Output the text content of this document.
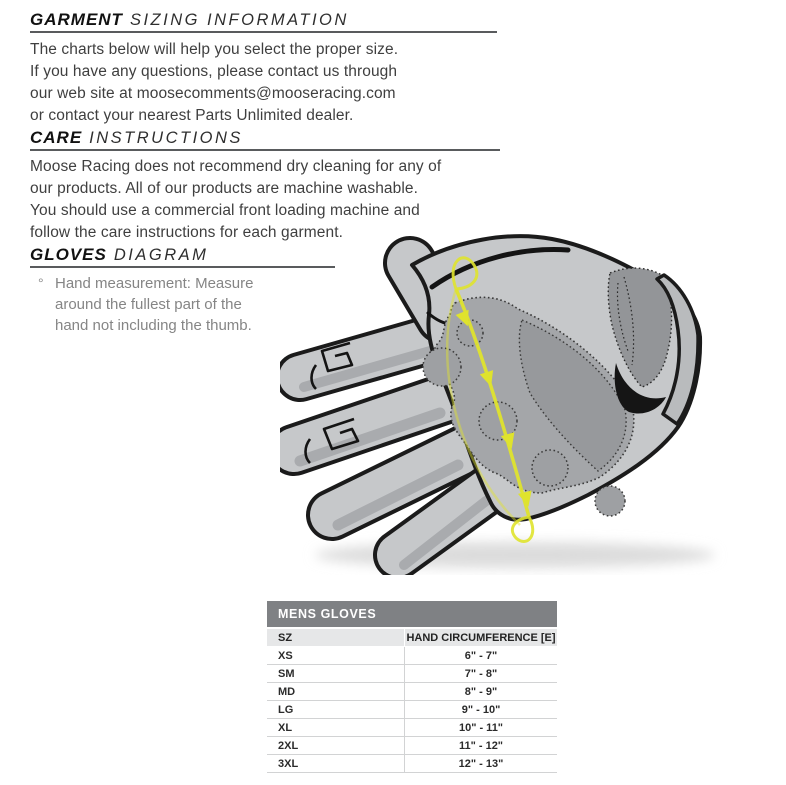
GARMENT SIZING INFORMATION
The charts below will help you select the proper size.
If you have any questions, please contact us through
our web site at moosecomments@mooseracing.com
or contact your nearest Parts Unlimited dealer.
CARE INSTRUCTIONS
Moose Racing does not recommend dry cleaning for any of
our products. All of our products are machine washable.
You should use a commercial front loading machine and
follow the care instructions for each garment.
GLOVES DIAGRAM
° Hand measurement: Measure
around the fullest part of the
hand not including the thumb.
MENS GLOVES
SZ	HAND CIRCUMFERENCE [E]
XS	6" - 7"
SM	7" - 8"
MD	8" - 9"
LG	9" - 10"
XL	10" - 11"
2XL	11" - 12"
3XL	12" - 13"
